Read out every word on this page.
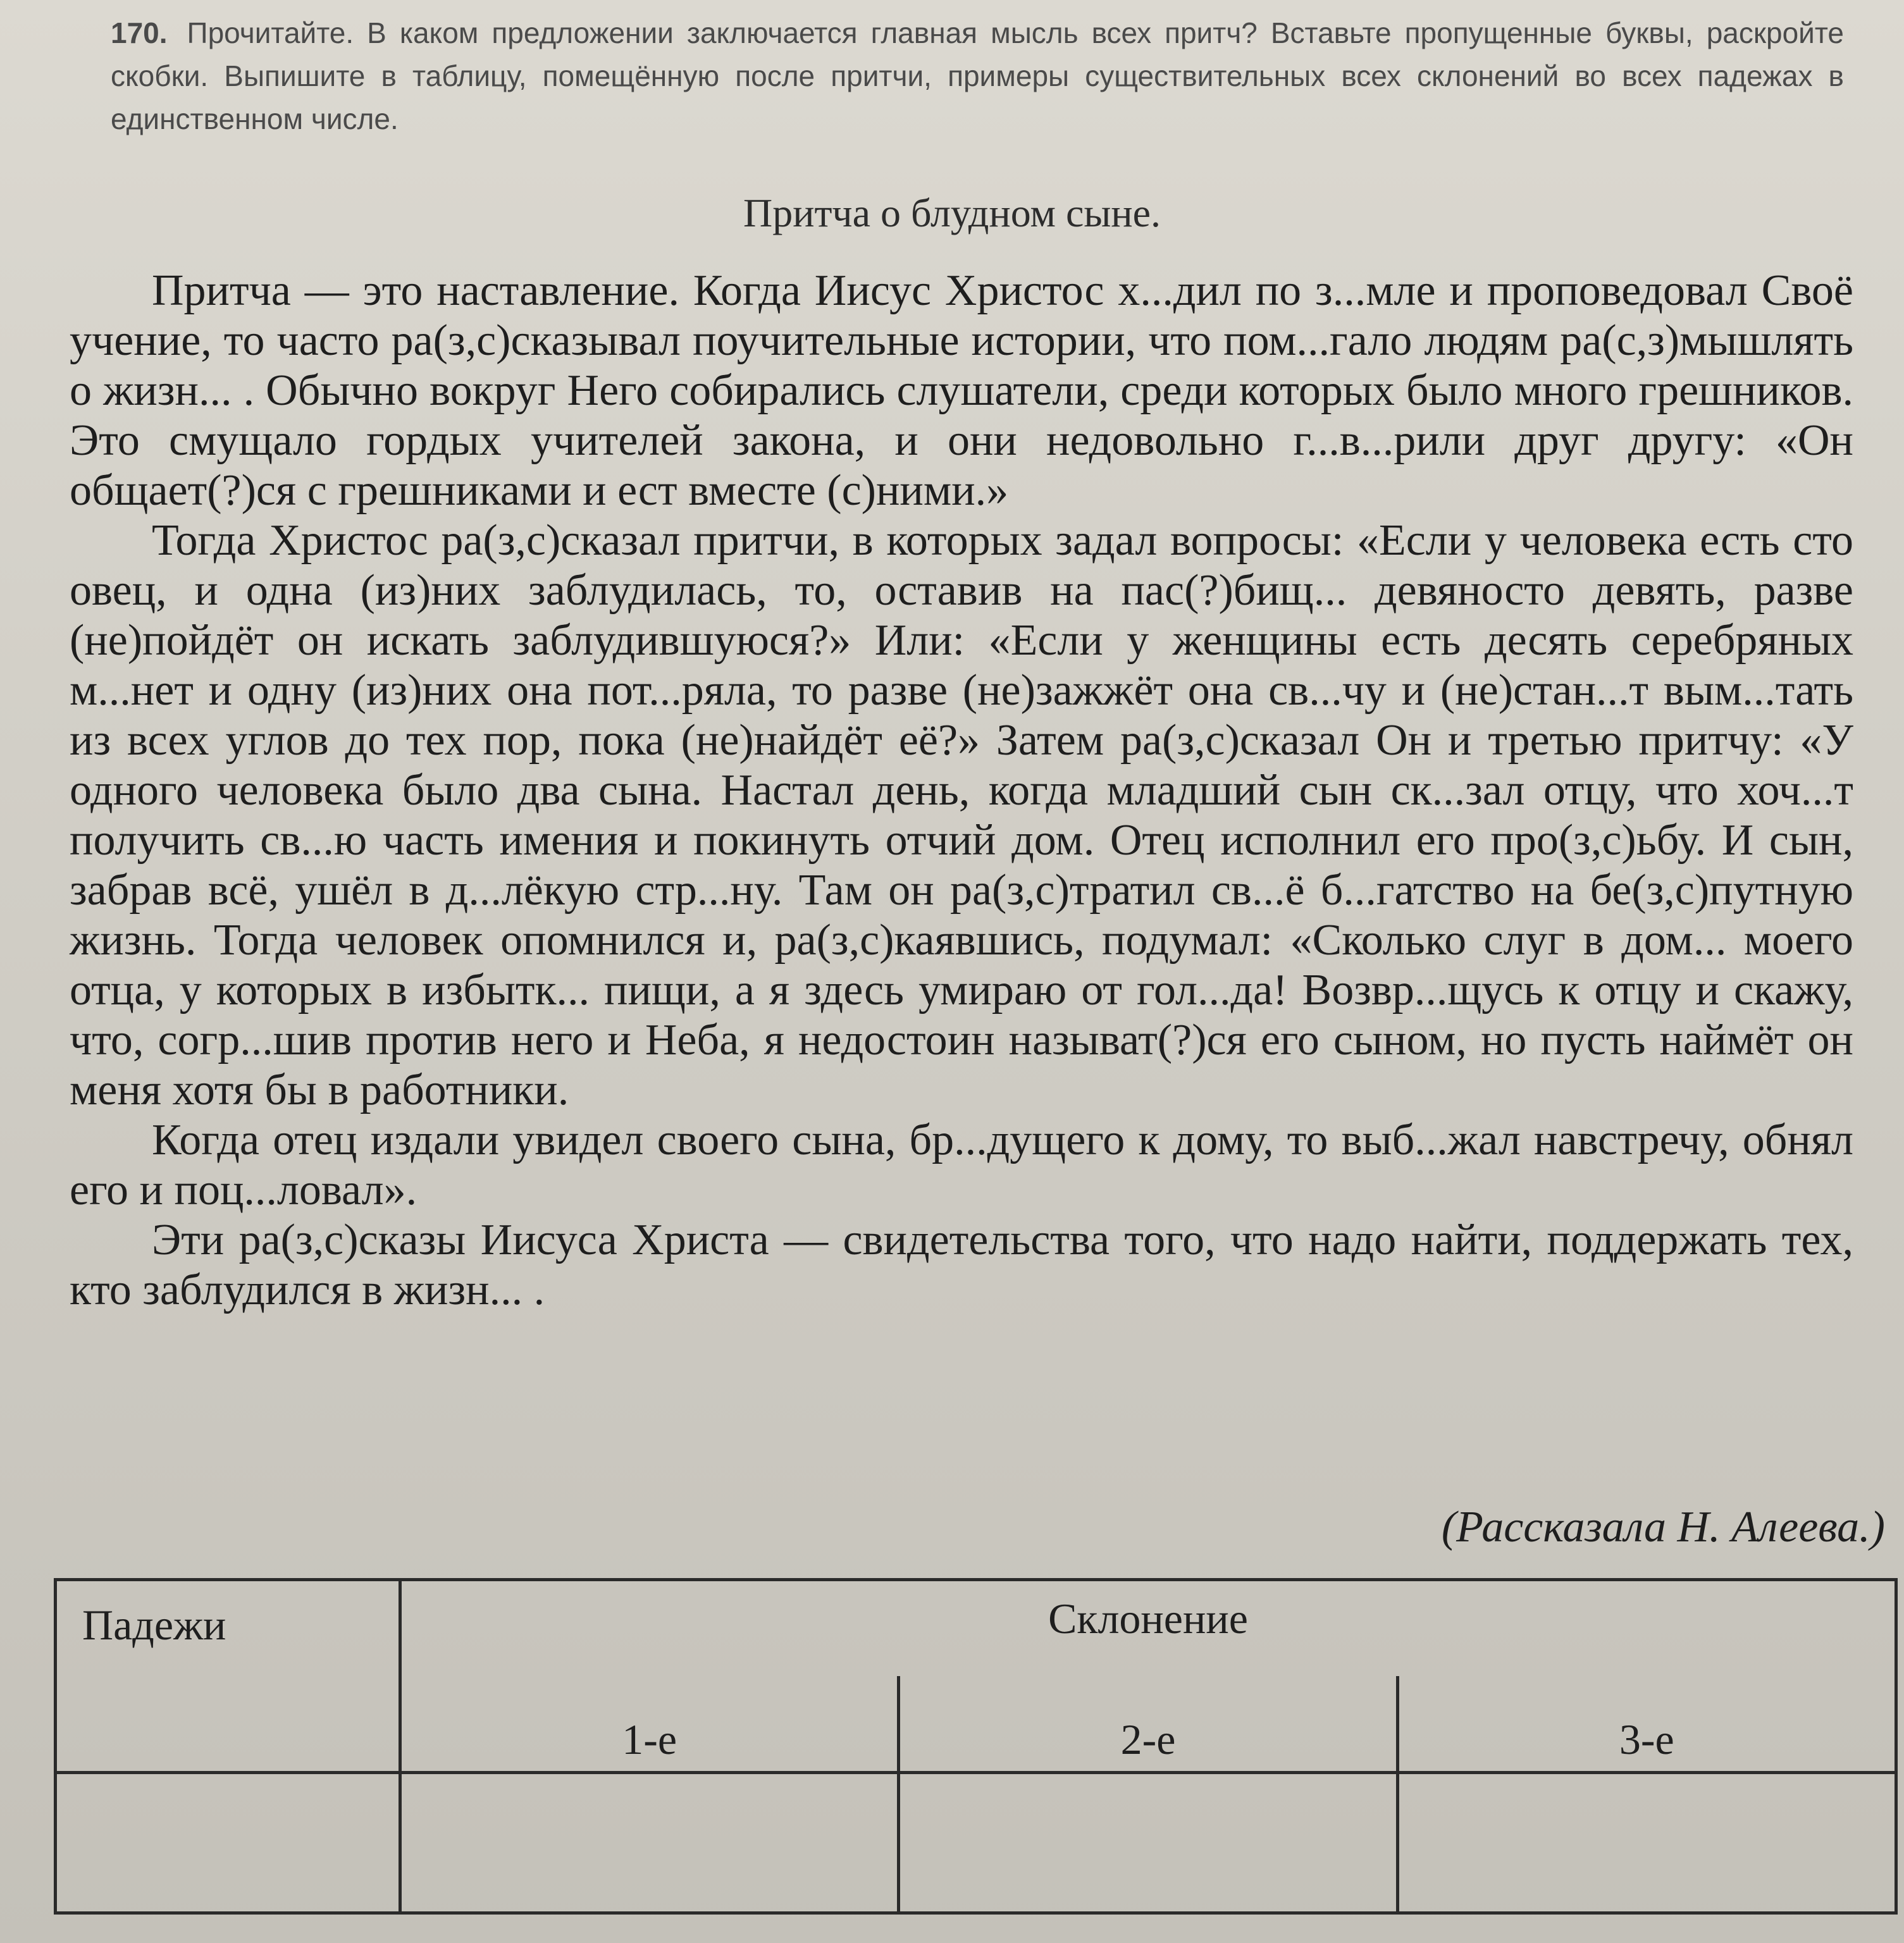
170. Прочитайте. В каком предложении заключается главная мысль всех притч? Вставьте пропущенные буквы, раскройте скобки. Выпишите в таблицу, помещённую после притчи, примеры существительных всех склонений во всех падежах в единственном числе.
Притча о блудном сыне.

Притча — это наставление. Когда Иисус Христос х...дил по з...мле и проповедовал Своё учение, то часто ра(з,с)сказывал поучительные истории, что пом...гало людям ра(с,з)мышлять о жизн... . Обычно вокруг Него собирались слушатели, среди которых было много грешников. Это смущало гордых учителей закона, и они недовольно г...в...рили друг другу: «Он общает(?)ся с грешниками и ест вместе (с)ними.»

Тогда Христос ра(з,с)сказал притчи, в которых задал вопросы: «Если у человека есть сто овец, и одна (из)них заблудилась, то, оставив на пас(?)бищ... девяносто девять, разве (не)пойдёт он искать заблудившуюся?» Или: «Если у женщины есть десять серебряных м...нет и одну (из)них она пот...ряла, то разве (не)зажжёт она св...чу и (не)стан...т вым...тать из всех углов до тех пор, пока (не)найдёт её?» Затем ра(з,с)сказал Он и третью притчу: «У одного человека было два сына. Настал день, когда младший сын ск...зал отцу, что хоч...т получить св...ю часть имения и покинуть отчий дом. Отец исполнил его про(з,с)ьбу. И сын, забрав всё, ушёл в д...лёкую стр...ну. Там он ра(з,с)тратил св...ё б...гатство на бе(з,с)путную жизнь. Тогда человек опомнился и, ра(з,с)каявшись, подумал: «Сколько слуг в дом... моего отца, у которых в избытк... пищи, а я здесь умираю от гол...да! Возвр...щусь к отцу и скажу, что, согр...шив против него и Неба, я недостоин называт(?)ся его сыном, но пусть наймёт он меня хотя бы в работники.

Когда отец издали увидел своего сына, бр...дущего к дому, то выб...жал навстречу, обнял его и поц...ловал».

Эти ра(з,с)сказы Иисуса Христа — свидетельства того, что надо найти, поддержать тех, кто заблудился в жизн... .

(Рассказала Н. Алеева.)
Падежи	Склонение		
	1-е	2-е	3-е
